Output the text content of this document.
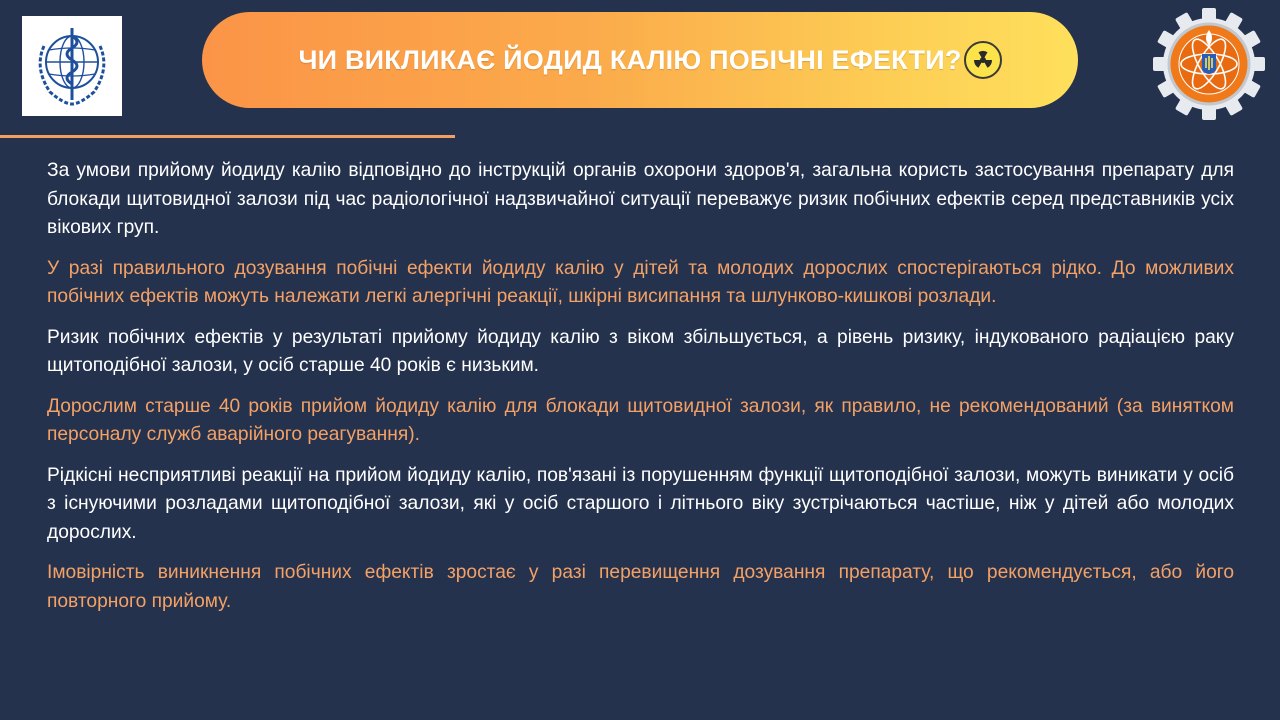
ЧИ ВИКЛИКАЄ ЙОДИД КАЛІЮ ПОБІЧНІ ЕФЕКТИ?

За умови прийому йодиду калію відповідно до інструкцій органів охорони здоров'я, загальна користь застосування препарату для блокади щитовидної залози під час радіологічної надзвичайної ситуації переважує ризик побічних ефектів серед представників усіх вікових груп.

У разі правильного дозування побічні ефекти йодиду калію у дітей та молодих дорослих спостерігаються рідко. До можливих побічних ефектів можуть належати легкі алергічні реакції, шкірні висипання та шлунково-кишкові розлади.

Ризик побічних ефектів у результаті прийому йодиду калію з віком збільшується, а рівень ризику, індукованого радіацією раку щитоподібної залози, у осіб старше 40 років є низьким.

Дорослим старше 40 років прийом йодиду калію для блокади щитовидної залози, як правило, не рекомендований (за винятком персоналу служб аварійного реагування).

Рідкісні несприятливі реакції на прийом йодиду калію, пов'язані із порушенням функції щитоподібної залози, можуть виникати у осіб з існуючими розладами щитоподібної залози, які у осіб старшого і літнього віку зустрічаються частіше, ніж у дітей або молодих дорослих.

Імовірність виникнення побічних ефектів зростає у разі перевищення дозування препарату, що рекомендується, або його повторного прийому.
